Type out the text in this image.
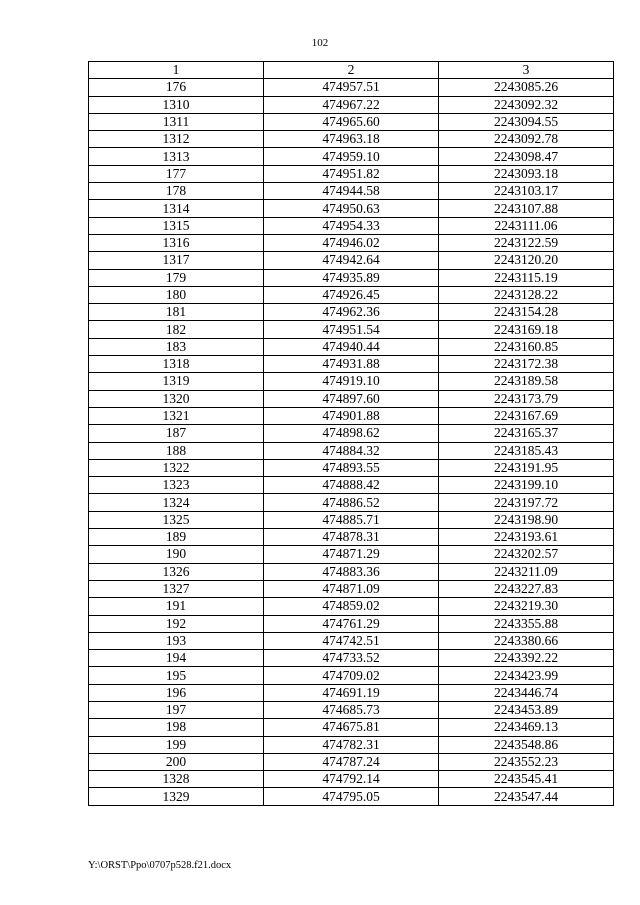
102
1	2	3
176	474957.51	2243085.26
1310	474967.22	2243092.32
1311	474965.60	2243094.55
1312	474963.18	2243092.78
1313	474959.10	2243098.47
177	474951.82	2243093.18
178	474944.58	2243103.17
1314	474950.63	2243107.88
1315	474954.33	2243111.06
1316	474946.02	2243122.59
1317	474942.64	2243120.20
179	474935.89	2243115.19
180	474926.45	2243128.22
181	474962.36	2243154.28
182	474951.54	2243169.18
183	474940.44	2243160.85
1318	474931.88	2243172.38
1319	474919.10	2243189.58
1320	474897.60	2243173.79
1321	474901.88	2243167.69
187	474898.62	2243165.37
188	474884.32	2243185.43
1322	474893.55	2243191.95
1323	474888.42	2243199.10
1324	474886.52	2243197.72
1325	474885.71	2243198.90
189	474878.31	2243193.61
190	474871.29	2243202.57
1326	474883.36	2243211.09
1327	474871.09	2243227.83
191	474859.02	2243219.30
192	474761.29	2243355.88
193	474742.51	2243380.66
194	474733.52	2243392.22
195	474709.02	2243423.99
196	474691.19	2243446.74
197	474685.73	2243453.89
198	474675.81	2243469.13
199	474782.31	2243548.86
200	474787.24	2243552.23
1328	474792.14	2243545.41
1329	474795.05	2243547.44
Y:\ORST\Ppo\0707p528.f21.docx
